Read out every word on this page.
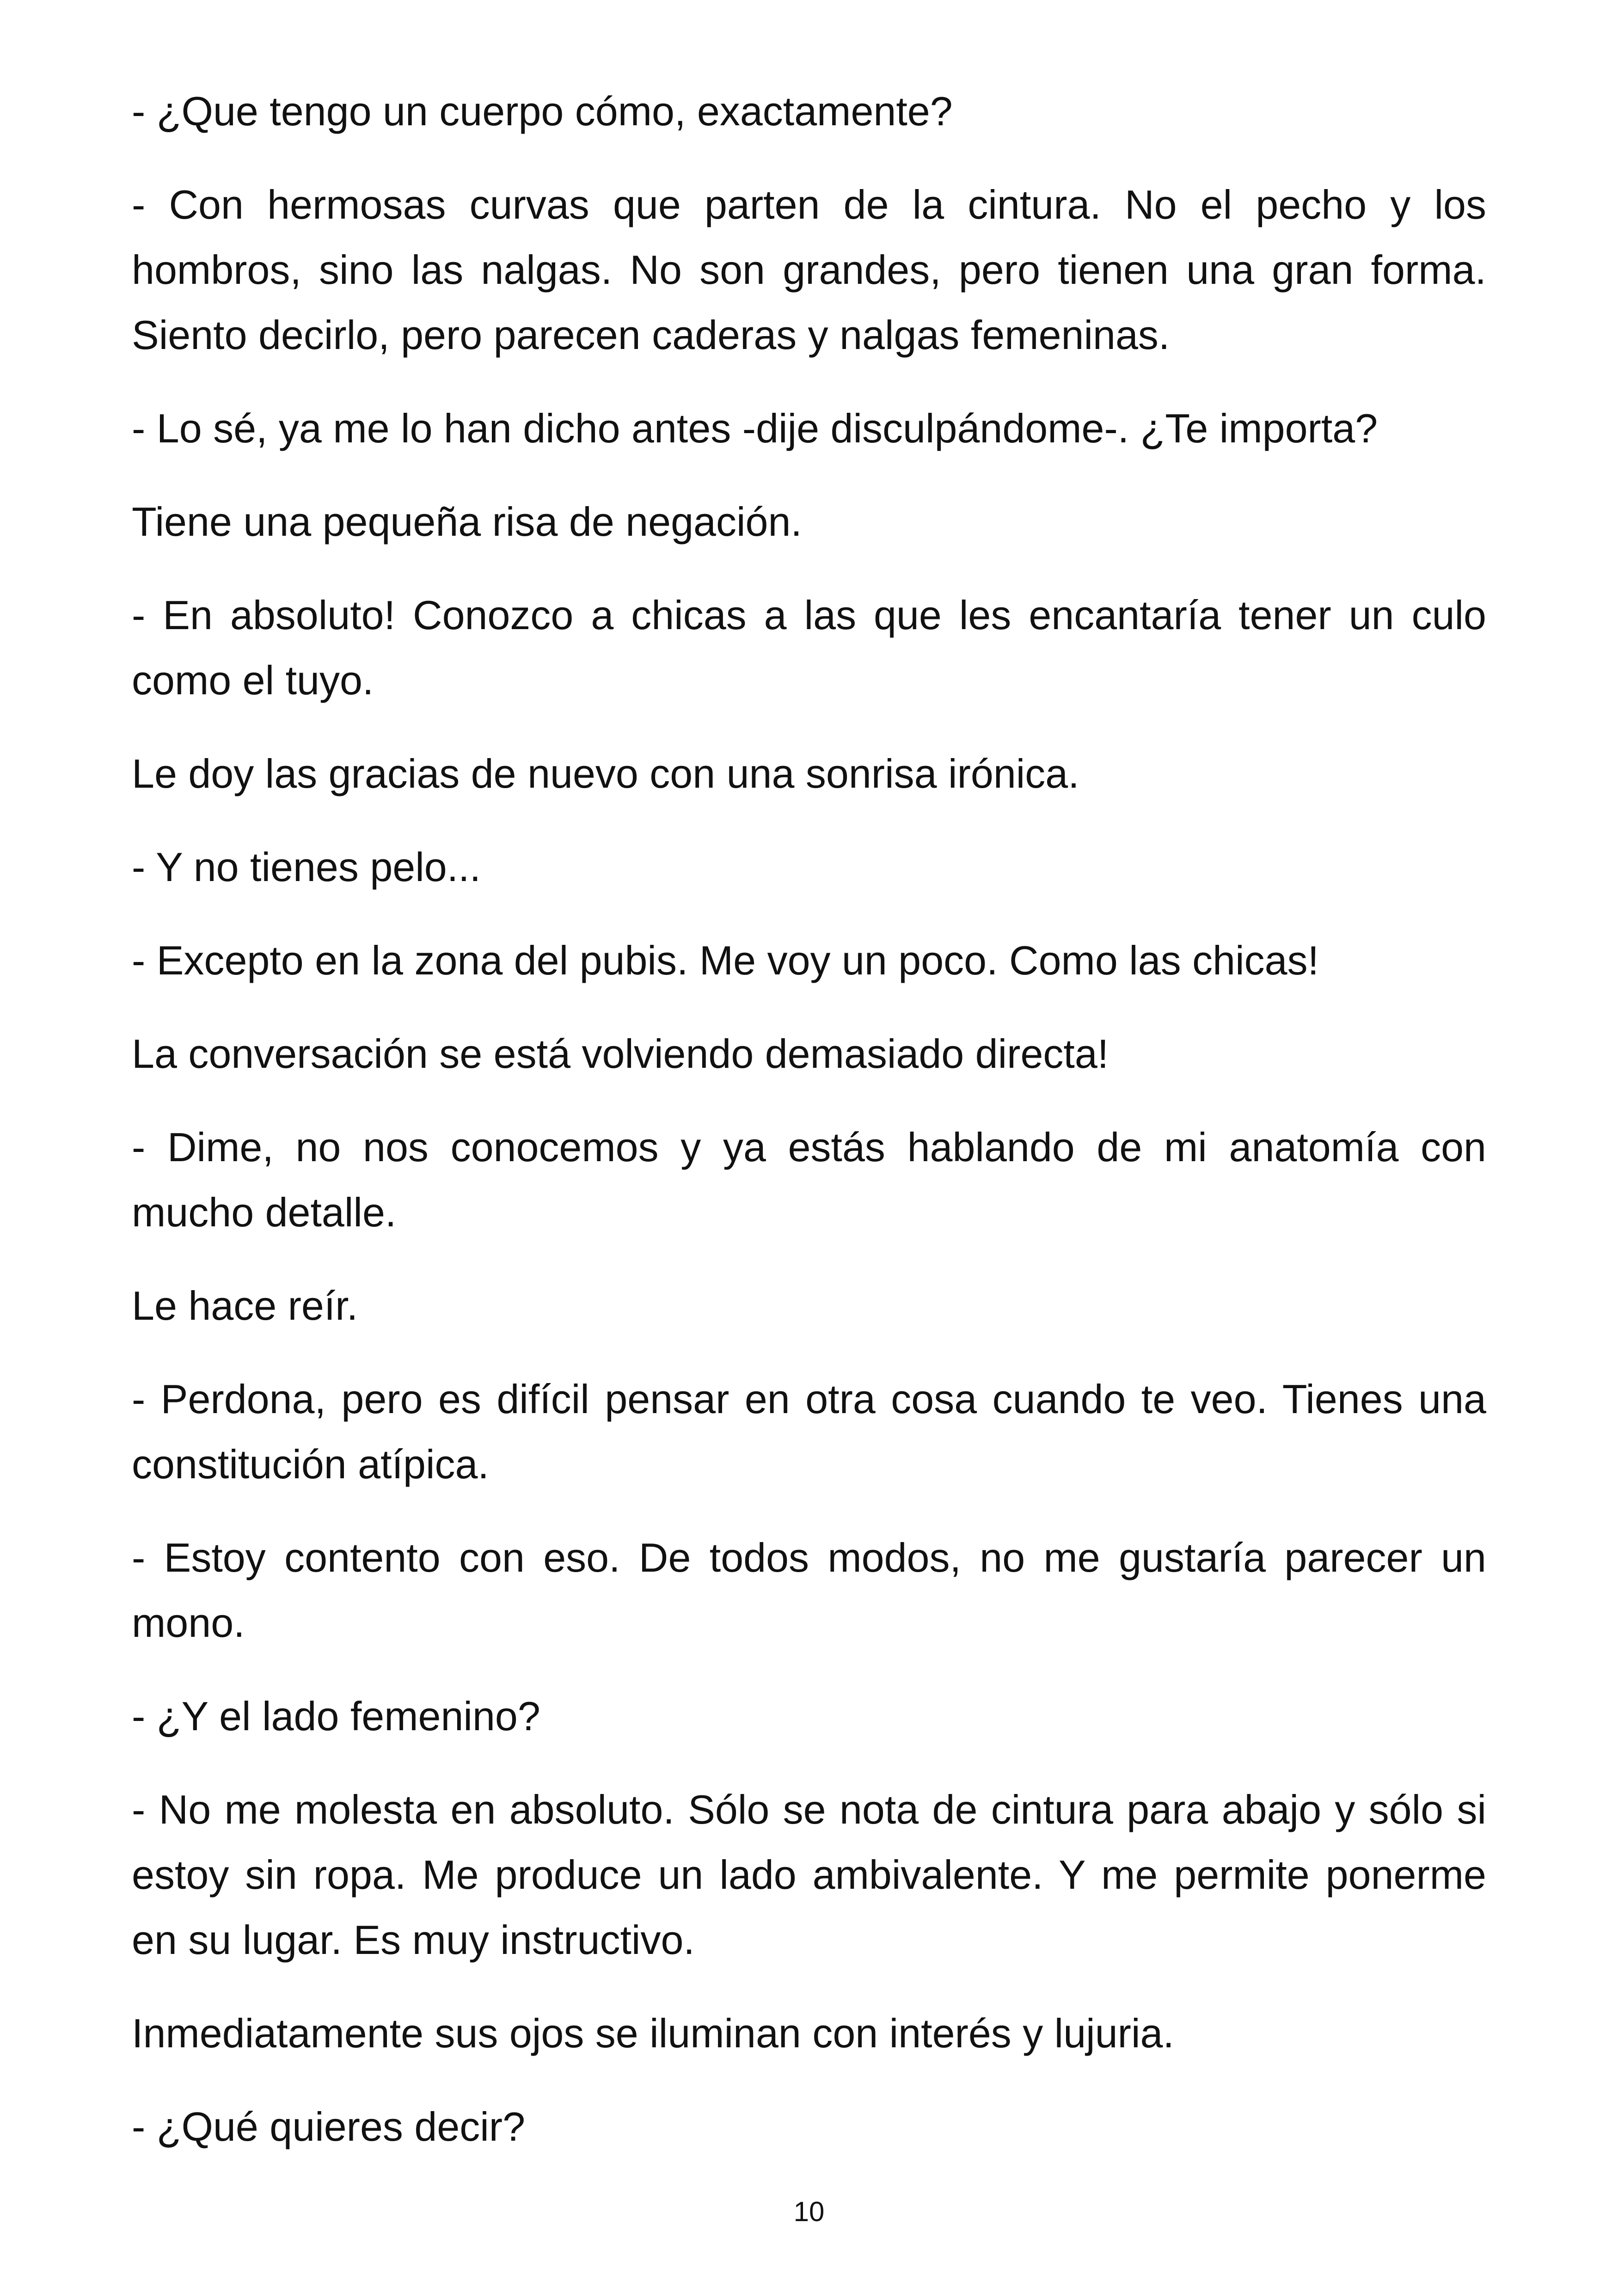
- ¿Que tengo un cuerpo cómo, exactamente?

- Con hermosas curvas que parten de la cintura. No el pecho y los hombros, sino las nalgas. No son grandes, pero tienen una gran forma. Siento decirlo, pero parecen caderas y nalgas femeninas.

- Lo sé, ya me lo han dicho antes -dije disculpándome-. ¿Te importa?

Tiene una pequeña risa de negación.

- En absoluto! Conozco a chicas a las que les encantaría tener un culo como el tuyo.

Le doy las gracias de nuevo con una sonrisa irónica.

- Y no tienes pelo...

- Excepto en la zona del pubis. Me voy un poco. Como las chicas!

La conversación se está volviendo demasiado directa!

- Dime, no nos conocemos y ya estás hablando de mi anatomía con mucho detalle.

Le hace reír.

- Perdona, pero es difícil pensar en otra cosa cuando te veo. Tienes una constitución atípica.

- Estoy contento con eso. De todos modos, no me gustaría parecer un mono.

- ¿Y el lado femenino?

- No me molesta en absoluto. Sólo se nota de cintura para abajo y sólo si estoy sin ropa. Me produce un lado ambivalente. Y me permite ponerme en su lugar. Es muy instructivo.

Inmediatamente sus ojos se iluminan con interés y lujuria.

- ¿Qué quieres decir?

10
